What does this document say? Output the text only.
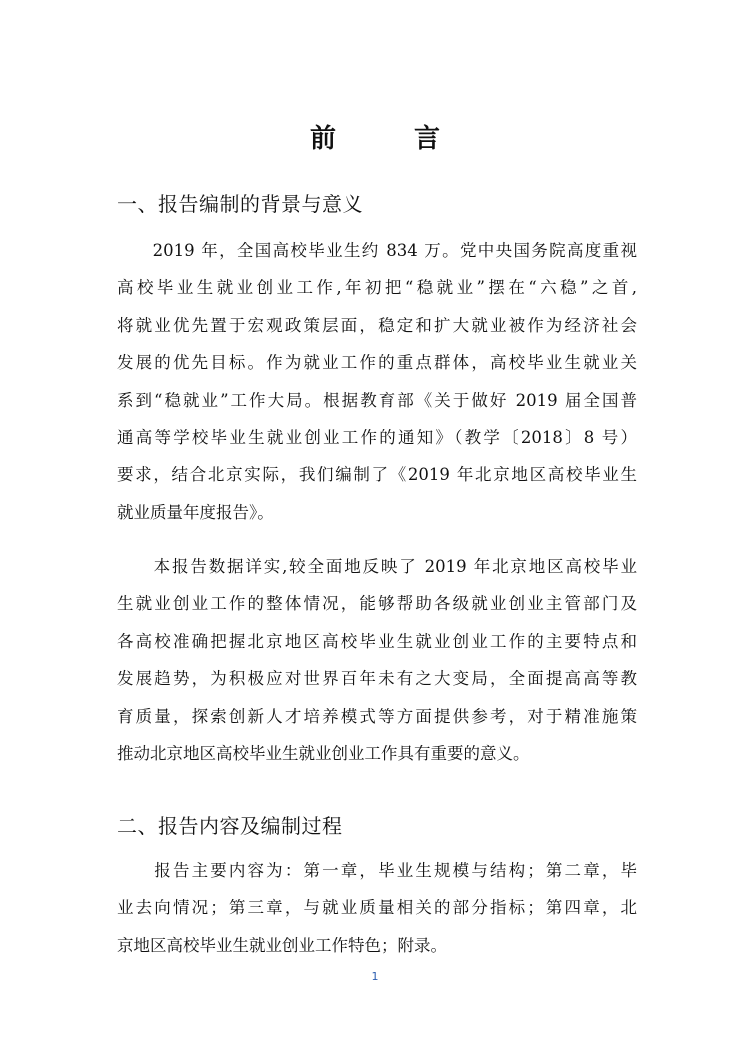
前　言
一、报告编制的背景与意义
　　2019 年，全国高校毕业生约 834 万。党中央国务院高度重视
高校毕业生就业创业工作,年初把“稳就业”摆在“六稳”之首,
将就业优先置于宏观政策层面，稳定和扩大就业被作为经济社会
发展的优先目标。作为就业工作的重点群体，高校毕业生就业关
系到“稳就业”工作大局。根据教育部《关于做好 2019 届全国普
通高等学校毕业生就业创业工作的通知》（教学〔2018〕8 号）
要求，结合北京实际，我们编制了《2019 年北京地区高校毕业生
就业质量年度报告》。
　　本报告数据详实,较全面地反映了 2019 年北京地区高校毕业
生就业创业工作的整体情况，能够帮助各级就业创业主管部门及
各高校准确把握北京地区高校毕业生就业创业工作的主要特点和
发展趋势，为积极应对世界百年未有之大变局，全面提高高等教
育质量，探索创新人才培养模式等方面提供参考，对于精准施策
推动北京地区高校毕业生就业创业工作具有重要的意义。
二、报告内容及编制过程
　　报告主要内容为：第一章，毕业生规模与结构；第二章，毕
业去向情况；第三章，与就业质量相关的部分指标；第四章，北
京地区高校毕业生就业创业工作特色；附录。
1
